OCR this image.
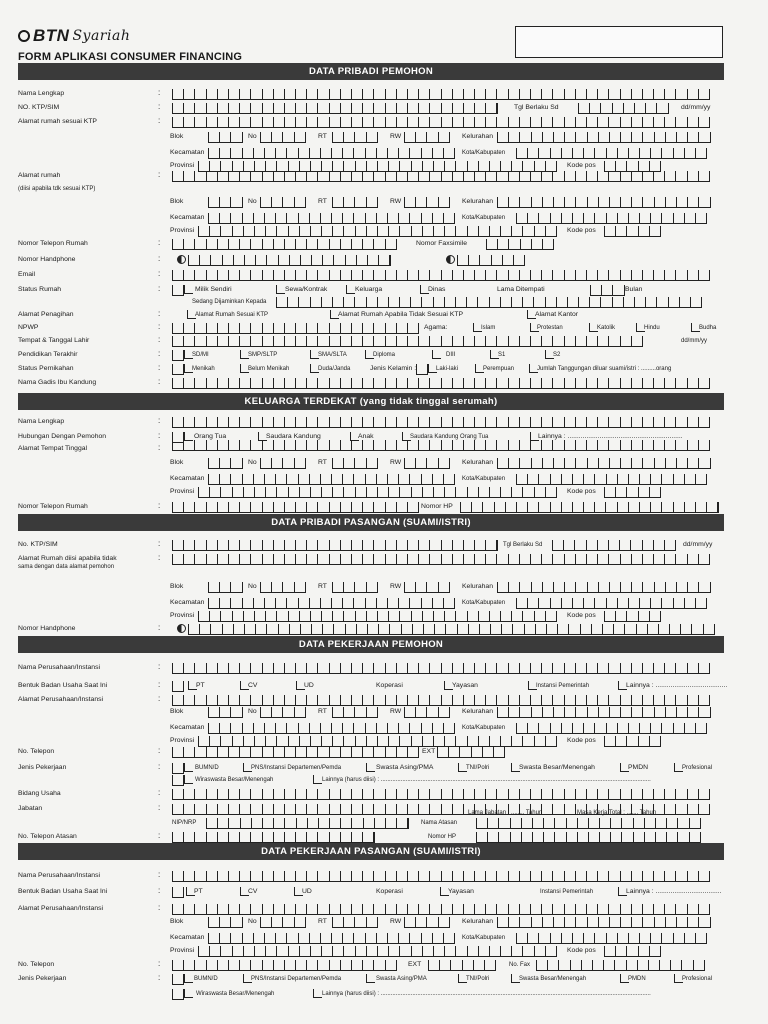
BTN Syariah
FORM APLIKASI CONSUMER FINANCING
DATA PRIBADI PEMOHON
Nama Lengkap	:
NO. KTP/SIM	:	Tgl Berlaku Sd	dd/mm/yy
Alamat rumah sesuai KTP	:
Blok	No	RT	RW	Kelurahan
Kecamatan	Kota/Kabupaten
Provinsi	Kode pos
Alamat rumah	:
(diisi apabila tdk sesuai KTP)
Blok	No	RT	RW	Kelurahan
Kecamatan	Kota/Kabupaten
Provinsi	Kode pos
Nomor Telepon Rumah	:	Nomor Faxsimile
Nomor Handphone	:
Email	:
Status Rumah	:	Milik Sendiri	Sewa/Kontrak	Keluarga	Dinas	Lama Ditempati	Bulan
Sedang Dijaminkan Kepada
Alamat Penagihan	:	Alamat Rumah Sesuai KTP	Alamat Rumah Apabila Tidak Sesuai KTP	Alamat Kantor
NPWP	:	Agama:	Islam	Protestan	Katolik	Hindu	Budha
Tempat & Tanggal Lahir	:	dd/mm/yy
Pendidikan Terakhir	:	SD/MI	SMP/SLTP	SMA/SLTA	Diploma	DIII	S1	S2
Status Pernikahan	:	Menikah	Belum Menikah	Duda/Janda	Jenis Kelamin :	Laki-laki	Perempuan	Jumlah Tanggungan diluar suami/istri : .........orang
Nama Gadis Ibu Kandung	:
KELUARGA TERDEKAT (yang tidak tinggal serumah)
Nama Lengkap	:
Hubungan Dengan Pemohon	:	Orang Tua	Saudara Kandung	Anak	Saudara Kandung Orang Tua	Lainnya : .............................................................
Alamat Tempat Tinggal	:
Blok	No	RT	RW	Kelurahan
Kecamatan	Kota/Kabupaten
Provinsi	Kode pos
Nomor Telepon Rumah	:	Nomor HP
DATA PRIBADI PASANGAN (SUAMI/ISTRI)
No. KTP/SIM	:	Tgl Berlaku Sd	dd/mm/yy
Alamat Rumah diisi apabila tidak
sama dengan data alamat pemohon
:
Blok	No	RT	RW	Kelurahan
Kecamatan	Kota/Kabupaten
Provinsi	Kode pos
Nomor Handphone	:
DATA PEKERJAAN PEMOHON
Nama Perusahaan/Instansi	:
Bentuk Badan Usaha Saat Ini	:	PT	CV	UD	Koperasi	Yayasan	Instansi Pemerintah	Lainnya : ......................................
Alamat Perusahaan/Instansi	:
Blok	No	RT	RW	Kelurahan
Kecamatan	Kota/Kabupaten
Provinsi	Kode pos
No. Telepon	:	EXT
Jenis Pekerjaan	:	BUMN/D	PNS/Instansi Departemen/Pemda	Swasta Asing/PMA	TNI/Polri	Swasta Besar/Menengah	PMDN	Profesional
Wiraswasta Besar/Menengah	Lainnya (harus diisi) : ..................................................................................................................................................................
Bidang Usaha	:
Jabatan	:
Lama Jabatan : ........ Tahun	Masa Kerja Total : ....... Tahun
NIP/NRP	Nama Atasan
No. Telepon Atasan	:	Nomor HP
DATA PEKERJAAN PASANGAN (SUAMI/ISTRI)
Nama Perusahaan/Instansi	:
Bentuk Badan Usaha Saat Ini	:	PT	CV	UD	Koperasi	Yayasan	Instansi Pemerintah	Lainnya : ...................................
Alamat Perusahaan/Instansi	:
Blok	No	RT	RW	Kelurahan
Kecamatan	Kota/Kabupaten
Provinsi	Kode pos
No. Telepon	:	EXT	No. Fax
Jenis Pekerjaan	:	BUMN/D	PNS/Instansi Departemen/Pemda	Swasta Asing/PMA	TNI/Polri	Swasta Besar/Menengah	PMDN	Profesional
Wiraswasta Besar/Menengah	Lainnya (harus diisi) : ..................................................................................................................................................................
